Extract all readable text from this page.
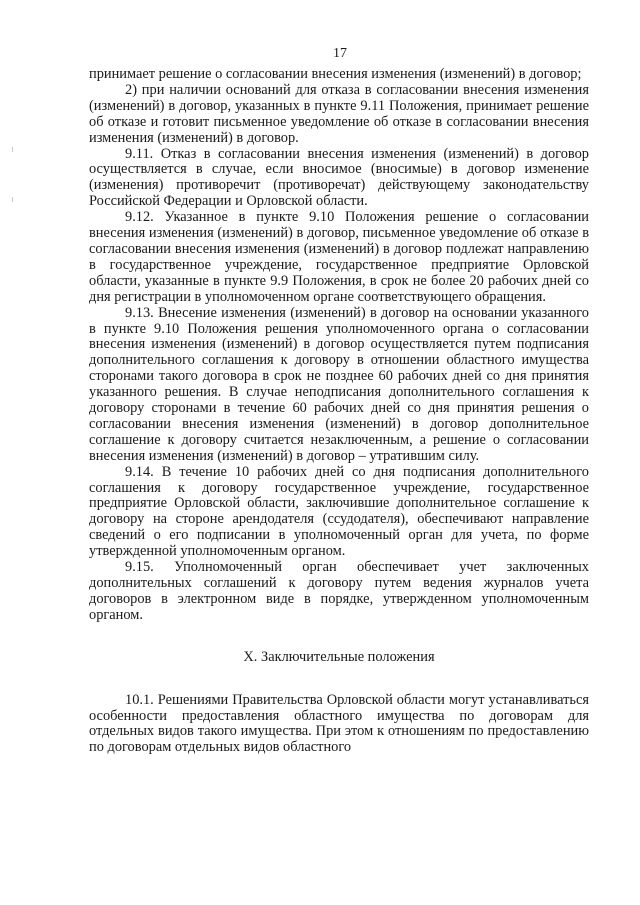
17

принимает решение о согласовании внесения изменения (изменений) в договор;

2) при наличии оснований для отказа в согласовании внесения изменения (изменений) в договор, указанных в пункте 9.11 Положения, принимает решение об отказе и готовит письменное уведомление об отказе в согласовании внесения изменения (изменений) в договор.

9.11. Отказ в согласовании внесения изменения (изменений) в договор осуществляется в случае, если вносимое (вносимые) в договор изменение (изменения) противоречит (противоречат) действующему законодательству Российской Федерации и Орловской области.

9.12. Указанное в пункте 9.10 Положения решение о согласовании внесения изменения (изменений) в договор, письменное уведомление об отказе в согласовании внесения изменения (изменений) в договор подлежат направлению в государственное учреждение, государственное предприятие Орловской области, указанные в пункте 9.9 Положения, в срок не более 20 рабочих дней со дня регистрации в уполномоченном органе соответствующего обращения.

9.13. Внесение изменения (изменений) в договор на основании указанного в пункте 9.10 Положения решения уполномоченного органа о согласовании внесения изменения (изменений) в договор осуществляется путем подписания дополнительного соглашения к договору в отношении областного имущества сторонами такого договора в срок не позднее 60 рабочих дней со дня принятия указанного решения. В случае неподписания дополнительного соглашения к договору сторонами в течение 60 рабочих дней со дня принятия решения о согласовании внесения изменения (изменений) в договор дополнительное соглашение к договору считается незаключенным, а решение о согласовании внесения изменения (изменений) в договор – утратившим силу.

9.14. В течение 10 рабочих дней со дня подписания дополнительного соглашения к договору государственное учреждение, государственное предприятие Орловской области, заключившие дополнительное соглашение к договору на стороне арендодателя (ссудодателя), обеспечивают направление сведений о его подписании в уполномоченный орган для учета, по форме утвержденной уполномоченным органом.

9.15. Уполномоченный орган обеспечивает учет заключенных дополнительных соглашений к договору путем ведения журналов учета договоров в электронном виде в порядке, утвержденном уполномоченным органом.

X. Заключительные положения

10.1. Решениями Правительства Орловской области могут устанавливаться особенности предоставления областного имущества по договорам для отдельных видов такого имущества. При этом к отношениям по предоставлению по договорам отдельных видов областного
